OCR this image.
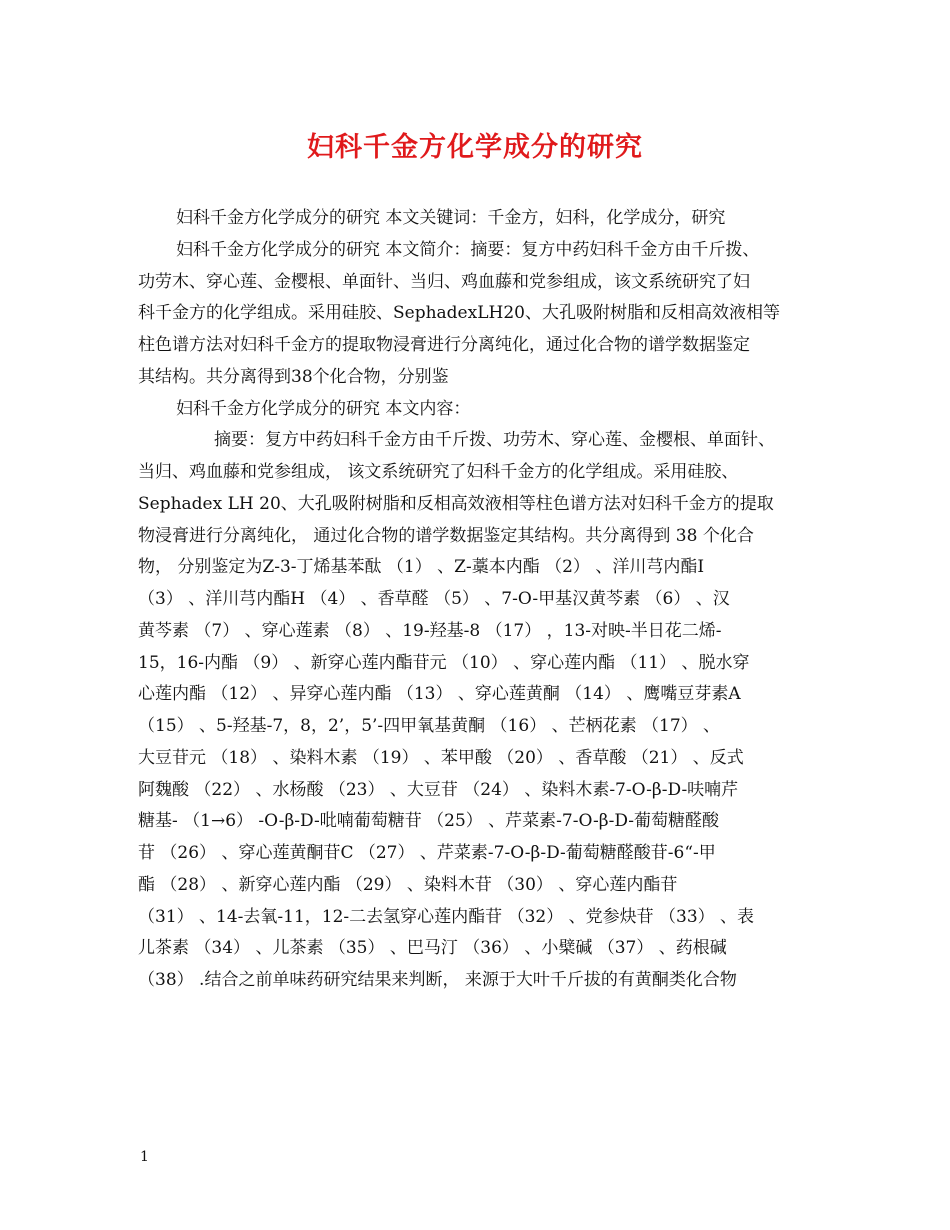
妇科千金方化学成分的研究
妇科千金方化学成分的研究 本文关键词：千金方，妇科，化学成分，研究
妇科千金方化学成分的研究 本文简介：摘要：复方中药妇科千金方由千斤拨、
功劳木、穿心莲、金樱根、单面针、当归、鸡血藤和党参组成，该文系统研究了妇
科千金方的化学组成。采用硅胶、SephadexLH20、大孔吸附树脂和反相高效液相等
柱色谱方法对妇科千金方的提取物浸膏进行分离纯化，通过化合物的谱学数据鉴定
其结构。共分离得到38个化合物，分别鉴
妇科千金方化学成分的研究 本文内容：
摘要：复方中药妇科千金方由千斤拨、功劳木、穿心莲、金樱根、单面针、
当归、鸡血藤和党参组成， 该文系统研究了妇科千金方的化学组成。采用硅胶、
Sephadex LH 20、大孔吸附树脂和反相高效液相等柱色谱方法对妇科千金方的提取
物浸膏进行分离纯化， 通过化合物的谱学数据鉴定其结构。共分离得到 38 个化合
物， 分别鉴定为Z-3-丁烯基苯酞 （1） 、Z-藁本内酯 （2） 、洋川芎内酯Ⅰ
（3） 、洋川芎内酯H （4） 、香草醛 （5） 、7-O-甲基汉黄芩素 （6） 、汉
黄芩素 （7） 、穿心莲素 （8） 、19-羟基-8 （17） ，13-对映-半日花二烯-
15，16-内酯 （9） 、新穿心莲内酯苷元 （10） 、穿心莲内酯 （11） 、脱水穿
心莲内酯 （12） 、异穿心莲内酯 （13） 、穿心莲黄酮 （14） 、鹰嘴豆芽素A
（15） 、5-羟基-7，8，2’，5’-四甲氧基黄酮 （16） 、芒柄花素 （17） 、
大豆苷元 （18） 、染料木素 （19） 、苯甲酸 （20） 、香草酸 （21） 、反式
阿魏酸 （22） 、水杨酸 （23） 、大豆苷 （24） 、染料木素-7-O-β-D-呋喃芹
糖基- （1→6） -O-β-D-吡喃葡萄糖苷 （25） 、芹菜素-7-O-β-D-葡萄糖醛酸
苷 （26） 、穿心莲黄酮苷C （27） 、芹菜素-7-O-β-D-葡萄糖醛酸苷-6“-甲
酯 （28） 、新穿心莲内酯 （29） 、染料木苷 （30） 、穿心莲内酯苷
（31） 、14-去氧-11，12-二去氢穿心莲内酯苷 （32） 、党参炔苷 （33） 、表
儿茶素 （34） 、儿茶素 （35） 、巴马汀 （36） 、小檗碱 （37） 、药根碱
（38） .结合之前单味药研究结果来判断， 来源于大叶千斤拔的有黄酮类化合物
1
